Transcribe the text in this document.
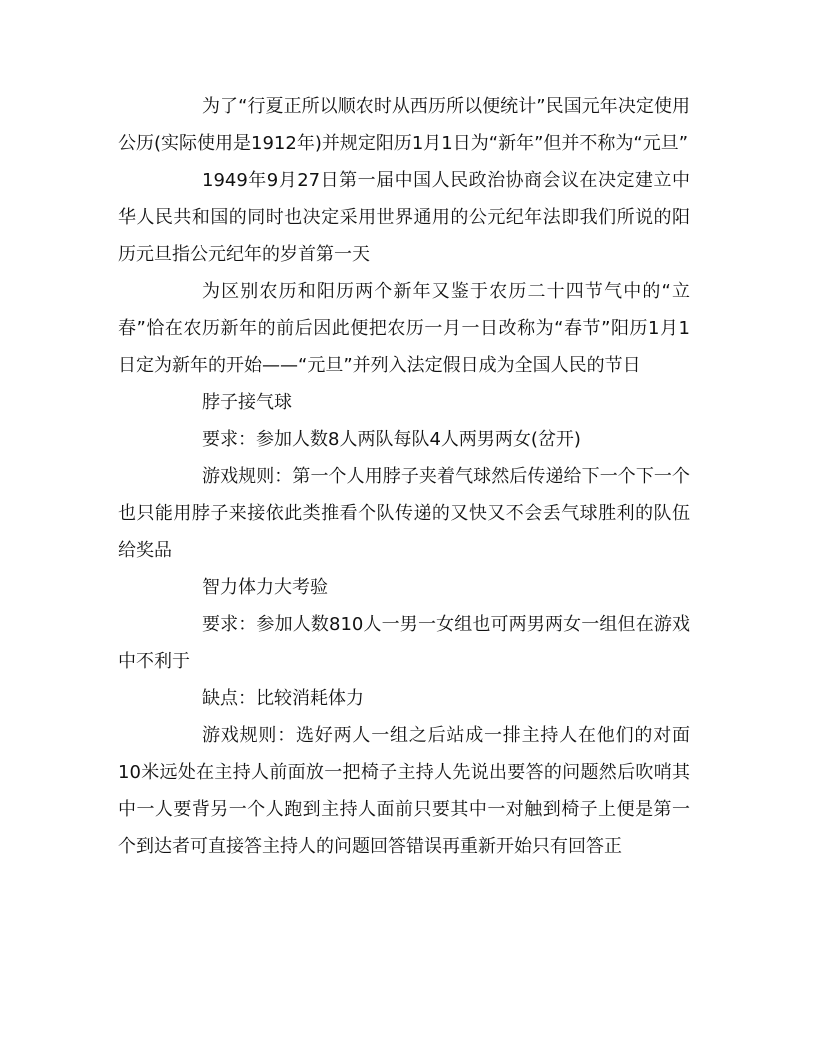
为了“行夏正所以顺农时从西历所以便统计”民国元年决定使用公历(实际使用是1912年)并规定阳历1月1日为“新年”但并不称为“元旦”

1949年9月27日第一届中国人民政治协商会议在决定建立中华人民共和国的同时也决定采用世界通用的公元纪年法即我们所说的阳历元旦指公元纪年的岁首第一天

为区别农历和阳历两个新年又鉴于农历二十四节气中的“立春”恰在农历新年的前后因此便把农历一月一日改称为“春节”阳历1月1日定为新年的开始——“元旦”并列入法定假日成为全国人民的节日

脖子接气球

要求：参加人数8人两队每队4人两男两女(岔开)

游戏规则：第一个人用脖子夹着气球然后传递给下一个下一个也只能用脖子来接依此类推看个队传递的又快又不会丢气球胜利的队伍给奖品

智力体力大考验

要求：参加人数810人一男一女组也可两男两女一组但在游戏中不利于

缺点：比较消耗体力

游戏规则：选好两人一组之后站成一排主持人在他们的对面10米远处在主持人前面放一把椅子主持人先说出要答的问题然后吹哨其中一人要背另一个人跑到主持人面前只要其中一对触到椅子上便是第一个到达者可直接答主持人的问题回答错误再重新开始只有回答正
